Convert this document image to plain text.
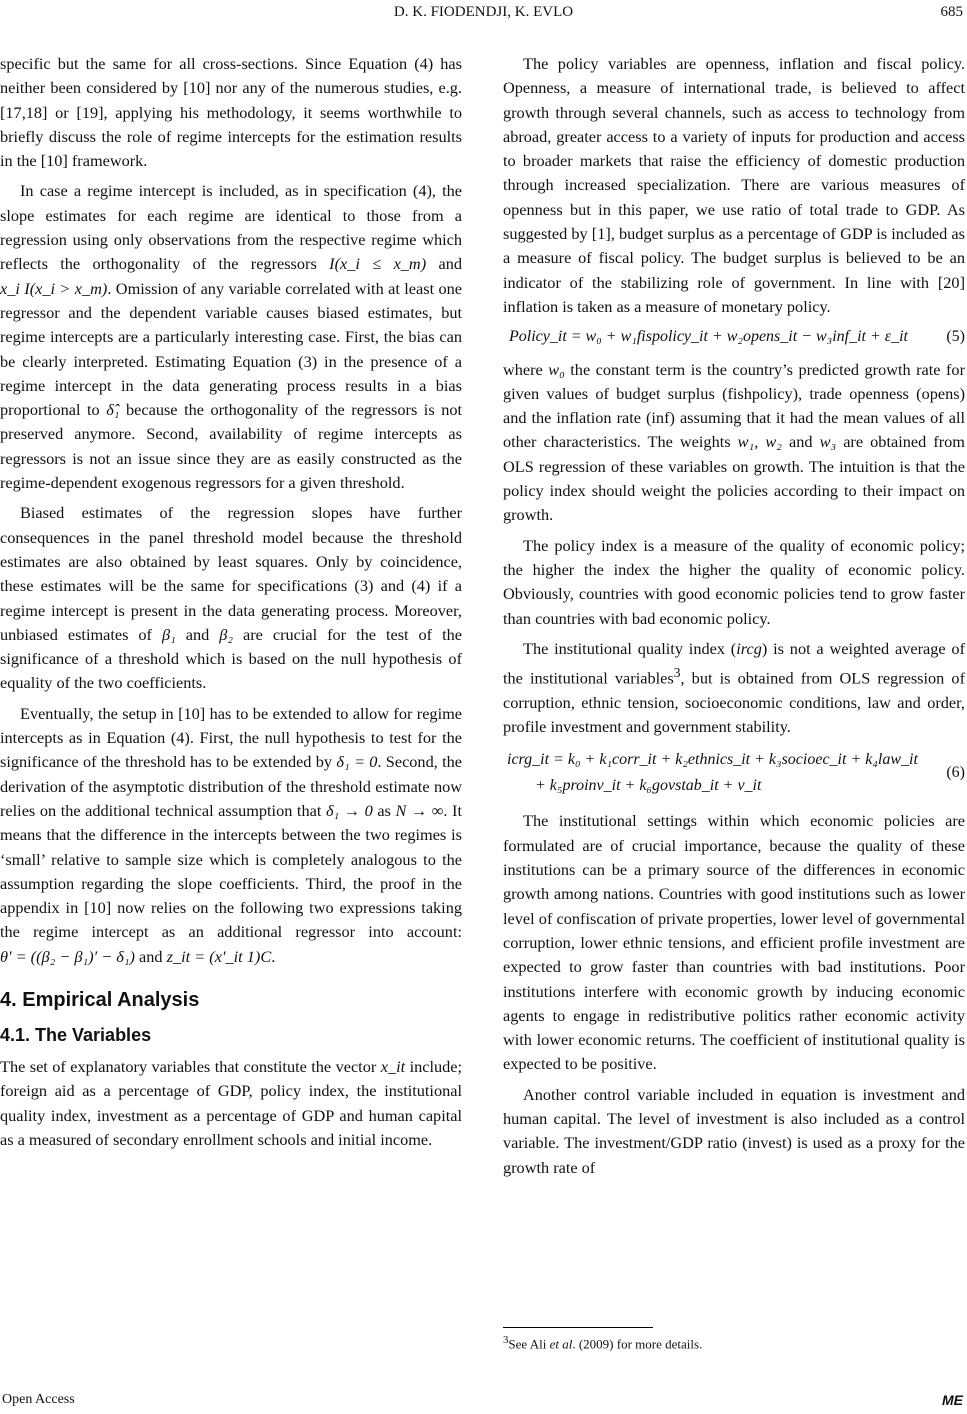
D. K. FIODENDJI, K. EVLO	685

specific but the same for all cross-sections. Since Equation (4) has neither been considered by [10] nor any of the numerous studies, e.g. [17,18] or [19], applying his methodology, it seems worthwhile to briefly discuss the role of regime intercepts for the estimation results in the [10] framework.

In case a regime intercept is included, as in specification (4), the slope estimates for each regime are identical to those from a regression using only observations from the respective regime which reflects the orthogonality of the regressors I(x_i ≤ x_m) and x_i I(x_i > x_m). Omission of any variable correlated with at least one regressor and the dependent variable causes biased estimates, but regime intercepts are a particularly interesting case. First, the bias can be clearly interpreted. Estimating Equation (3) in the presence of a regime intercept in the data generating process results in a bias proportional to δ̂₁ because the orthogonality of the regressors is not preserved anymore. Second, availability of regime intercepts as regressors is not an issue since they are as easily constructed as the regime-dependent exogenous regressors for a given threshold.

Biased estimates of the regression slopes have further consequences in the panel threshold model because the threshold estimates are also obtained by least squares. Only by coincidence, these estimates will be the same for specifications (3) and (4) if a regime intercept is present in the data generating process. Moreover, unbiased estimates of β₁ and β₂ are crucial for the test of the significance of a threshold which is based on the null hypothesis of equality of the two coefficients.

Eventually, the setup in [10] has to be extended to allow for regime intercepts as in Equation (4). First, the null hypothesis to test for the significance of the threshold has to be extended by δ₁ = 0. Second, the derivation of the asymptotic distribution of the threshold estimate now relies on the additional technical assumption that δ₁ → 0 as N → ∞. It means that the difference in the intercepts between the two regimes is ‘small’ relative to sample size which is completely analogous to the assumption regarding the slope coefficients. Third, the proof in the appendix in [10] now relies on the following two expressions taking the regime intercept as an additional regressor into account: θ′ = ((β₂ − β₁)′ − δ₁) and z_it = (x′_it 1)C.

4. Empirical Analysis
4.1. The Variables

The set of explanatory variables that constitute the vector x_it include; foreign aid as a percentage of GDP, policy index, the institutional quality index, investment as a percentage of GDP and human capital as a measured of secondary enrollment schools and initial income.

The policy variables are openness, inflation and fiscal policy. Openness, a measure of international trade, is believed to affect growth through several channels, such as access to technology from abroad, greater access to a variety of inputs for production and access to broader markets that raise the efficiency of domestic production through increased specialization. There are various measures of openness but in this paper, we use ratio of total trade to GDP. As suggested by [1], budget surplus as a percentage of GDP is included as a measure of fiscal policy. The budget surplus is believed to be an indicator of the stabilizing role of government. In line with [20] inflation is taken as a measure of monetary policy.

Policy_it = w₀ + w₁fispolicy_it + w₂opens_it − w₃inf_it + ε_it	(5)

where w₀ the constant term is the country’s predicted growth rate for given values of budget surplus (fishpolicy), trade openness (opens) and the inflation rate (inf) assuming that it had the mean values of all other characteristics. The weights w₁, w₂ and w₃ are obtained from OLS regression of these variables on growth. The intuition is that the policy index should weight the policies according to their impact on growth.

The policy index is a measure of the quality of economic policy; the higher the index the higher the quality of economic policy. Obviously, countries with good economic policies tend to grow faster than countries with bad economic policy.

The institutional quality index (ircg) is not a weighted average of the institutional variables$^3$, but is obtained from OLS regression of corruption, ethnic tension, socioeconomic conditions, law and order, profile investment and government stability.

icrg_it = k₀ + k₁corr_it + k₂ethnics_it + k₃socioec_it + k₄law_it
+ k₅proinv_it + k₆govstab_it + ν_it
(6)

The institutional settings within which economic policies are formulated are of crucial importance, because the quality of these institutions can be a primary source of the differences in economic growth among nations. Countries with good institutions such as lower level of confiscation of private properties, lower level of governmental corruption, lower ethnic tensions, and efficient profile investment are expected to grow faster than countries with bad institutions. Poor institutions interfere with economic growth by inducing economic agents to engage in redistributive politics rather economic activity with lower economic returns. The coefficient of institutional quality is expected to be positive.

Another control variable included in equation is investment and human capital. The level of investment is also included as a control variable. The investment/GDP ratio (invest) is used as a proxy for the growth rate of

$^3$See Ali et al. (2009) for more details.
Open Access	ME
